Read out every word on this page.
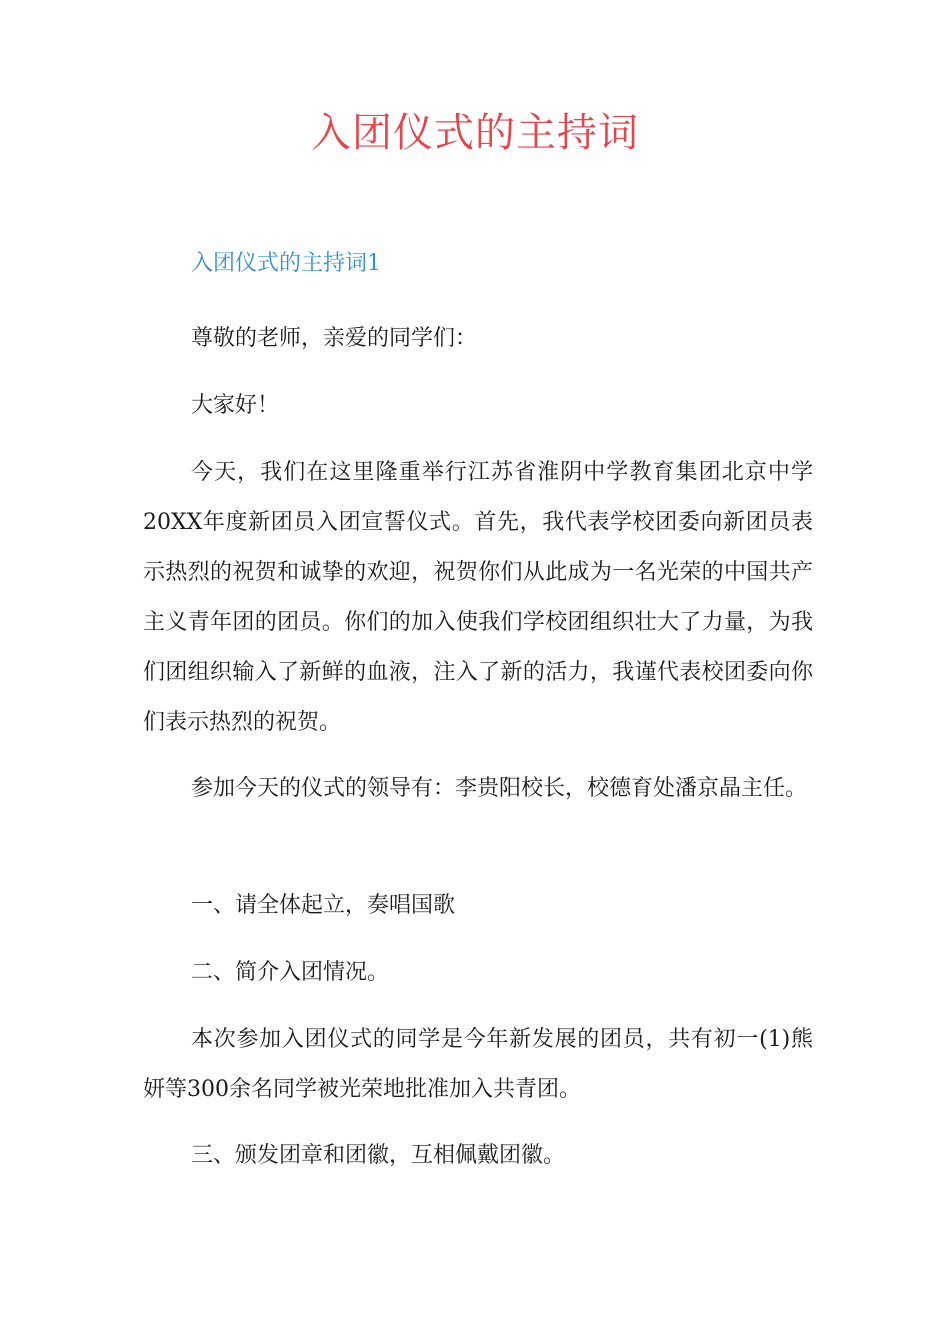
入团仪式的主持词
入团仪式的主持词1

尊敬的老师，亲爱的同学们：

大家好！

今天，我们在这里隆重举行江苏省淮阴中学教育集团北京中学20XX年度新团员入团宣誓仪式。首先，我代表学校团委向新团员表示热烈的祝贺和诚挚的欢迎，祝贺你们从此成为一名光荣的中国共产主义青年团的团员。你们的加入使我们学校团组织壮大了力量，为我们团组织输入了新鲜的血液，注入了新的活力，我谨代表校团委向你们表示热烈的祝贺。

参加今天的仪式的领导有：李贵阳校长，校德育处潘京晶主任。

一、请全体起立，奏唱国歌

二、简介入团情况。

本次参加入团仪式的同学是今年新发展的团员，共有初一(1)熊妍等300余名同学被光荣地批准加入共青团。

三、颁发团章和团徽，互相佩戴团徽。
